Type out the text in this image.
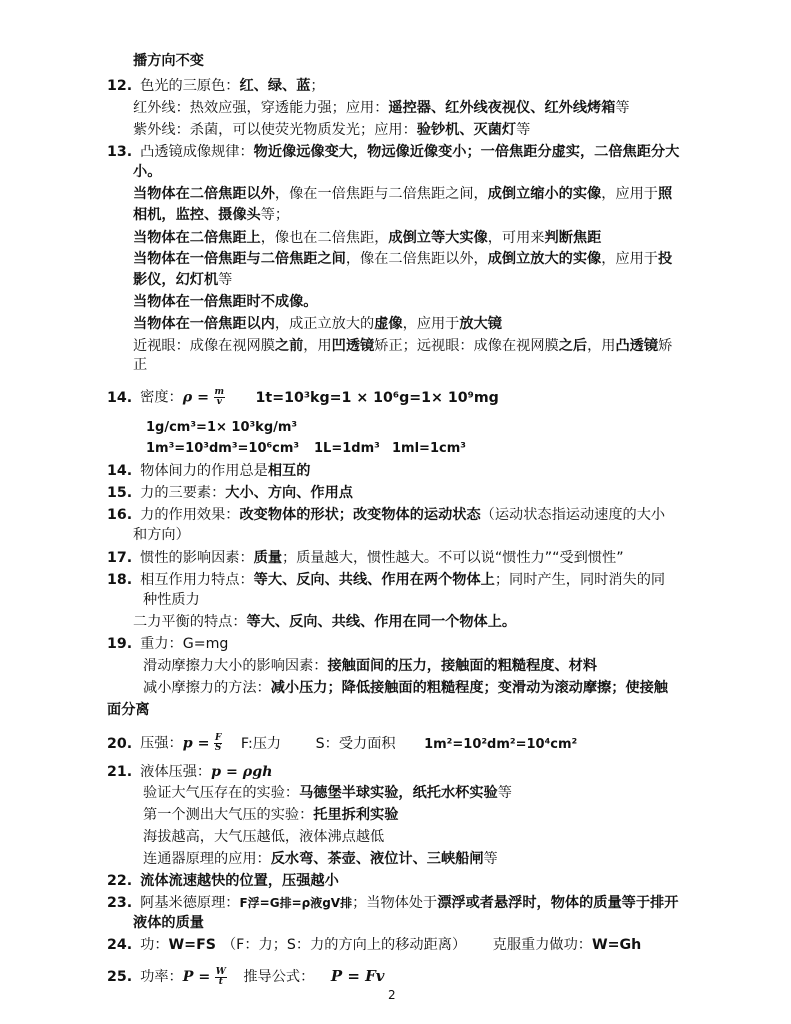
播方向不变
12. 色光的三原色：红、绿、蓝；
红外线：热效应强，穿透能力强；应用：遥控器、红外线夜视仪、红外线烤箱等
紫外线：杀菌，可以使荧光物质发光；应用：验钞机、灭菌灯等
13. 凸透镜成像规律：物近像远像变大，物远像近像变小；一倍焦距分虚实，二倍焦距分大
小。
当物体在二倍焦距以外，像在一倍焦距与二倍焦距之间，成倒立缩小的实像，应用于照
相机，监控、摄像头等；
当物体在二倍焦距上，像也在二倍焦距，成倒立等大实像，可用来判断焦距
当物体在一倍焦距与二倍焦距之间，像在二倍焦距以外，成倒立放大的实像，应用于投
影仪，幻灯机等
当物体在一倍焦距时不成像。
当物体在一倍焦距以内，成正立放大的虚像，应用于放大镜
近视眼：成像在视网膜之前，用凹透镜矫正；远视眼：成像在视网膜之后，用凸透镜矫
正
14. 密度：$\rho = \frac{m}{v} 1t=10^3kg=1 \times 10^6g=1\times 10^9mg$
1g/cm³=1× 10³kg/m³
1m³=10³dm³=10⁶cm³ 1L=1dm³ 1ml=1cm³
14. 物体间力的作用总是相互的
15. 力的三要素：大小、方向、作用点
16. 力的作用效果：改变物体的形状；改变物体的运动状态（运动状态指运动速度的大小
和方向）
17. 惯性的影响因素：质量；质量越大，惯性越大。不可以说“惯性力”“受到惯性”
18. 相互作用力特点：等大、反向、共线、作用在两个物体上；同时产生，同时消失的同
种性质力
二力平衡的特点：等大、反向、共线、作用在同一个物体上。
19. 重力：G=mg
滑动摩擦力大小的影响因素：接触面间的压力，接触面的粗糙程度、材料
减小摩擦力的方法：减小压力；降低接触面的粗糙程度；变滑动为滚动摩擦；使接触
面分离
20. 压强：$p = \frac{F}{S} F$:压力 S：受力面积 1m²=10²dm²=10⁴cm²
21. 液体压强：p = ρgh
验证大气压存在的实验：马德堡半球实验，纸托水杯实验等
第一个测出大气压的实验：托里拆利实验
海拔越高，大气压越低，液体沸点越低
连通器原理的应用：反水弯、茶壶、液位计、三峡船闸等
22. 流体流速越快的位置，压强越小
23. 阿基米德原理：F浮=G排=ρ液gV排；当物体处于漂浮或者悬浮时，物体的质量等于排开
液体的质量
24. 功：W=FS （F：力；S：力的方向上的移动距离） 克服重力做功：W=Gh
25. 功率：$P = \frac{W}{t}$ 推导公式： P = Fv
2
